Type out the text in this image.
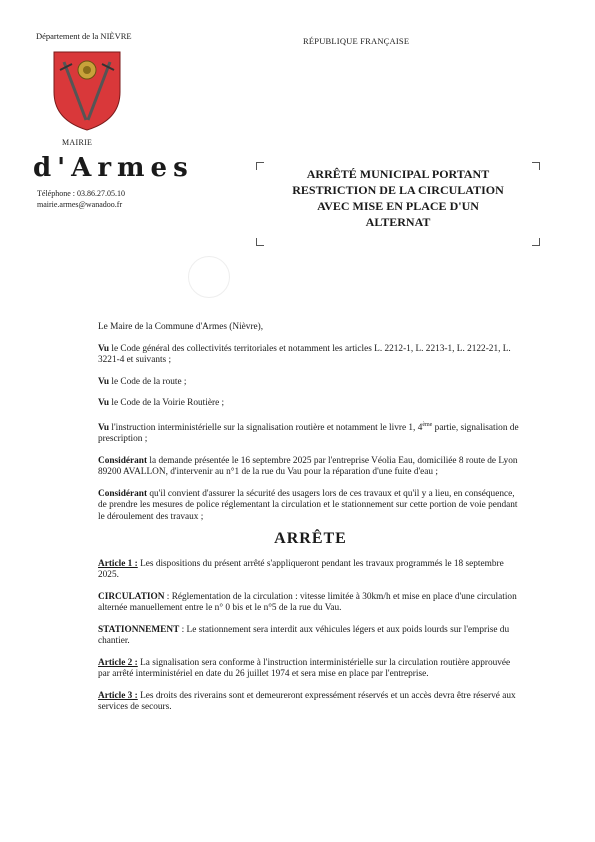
Département de la NIÈVRE	RÉPUBLIQUE FRANÇAISE
MAIRIE
d'Armes
Téléphone : 03.86.27.05.10
mairie.armes@wanadoo.fr
ARRÊTÉ MUNICIPAL PORTANT
RESTRICTION DE LA CIRCULATION
AVEC MISE EN PLACE D'UN
ALTERNAT

Le Maire de la Commune d'Armes (Nièvre),

Vu le Code général des collectivités territoriales et notamment les articles L. 2212-1, L. 2213-1, L. 2122-21, L. 3221-4 et suivants ;

Vu le Code de la route ;

Vu le Code de la Voirie Routière ;

Vu l'instruction interministérielle sur la signalisation routière et notamment le livre 1, 4ème partie, signalisation de prescription ;

Considérant la demande présentée le 16 septembre 2025 par l'entreprise Véolia Eau, domiciliée 8 route de Lyon 89200 AVALLON, d'intervenir au n°1 de la rue du Vau pour la réparation d'une fuite d'eau ;

Considérant qu'il convient d'assurer la sécurité des usagers lors de ces travaux et qu'il y a lieu, en conséquence, de prendre les mesures de police réglementant la circulation et le stationnement sur cette portion de voie pendant le déroulement des travaux ;

ARRÊTE

Article 1 : Les dispositions du présent arrêté s'appliqueront pendant les travaux programmés le 18 septembre 2025.

CIRCULATION : Réglementation de la circulation : vitesse limitée à 30km/h et mise en place d'une circulation alternée manuellement entre le n° 0 bis et le n°5 de la rue du Vau.

STATIONNEMENT : Le stationnement sera interdit aux véhicules légers et aux poids lourds sur l'emprise du chantier.

Article 2 : La signalisation sera conforme à l'instruction interministérielle sur la circulation routière approuvée par arrêté interministériel en date du 26 juillet 1974 et sera mise en place par l'entreprise.

Article 3 : Les droits des riverains sont et demeureront expressément réservés et un accès devra être réservé aux services de secours.
